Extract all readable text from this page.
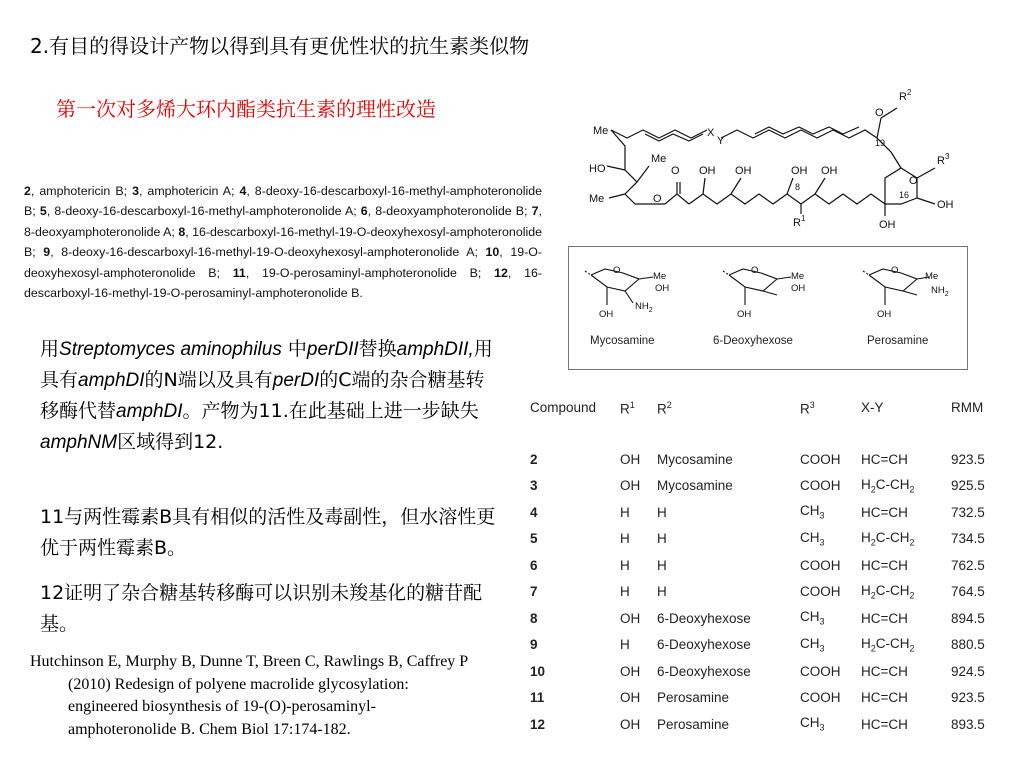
2.有目的得设计产物以得到具有更优性状的抗生素类似物
第一次对多烯大环内酯类抗生素的理性改造
2, amphotericin B; 3, amphotericin A; 4, 8-deoxy-16-descarboxyl-16-methyl-amphoteronolide B; 5, 8-deoxy-16-descarboxyl-16-methyl-amphoteronolide A; 6, 8-deoxyamphoteronolide B; 7, 8-deoxyamphoteronolide A; 8, 16-descarboxyl-16-methyl-19-O-deoxyhexosyl-amphoteronolide B; 9, 8-deoxy-16-descarboxyl-16-methyl-19-O-deoxyhexosyl-amphoteronolide A; 10, 19-O-deoxyhexosyl-amphoteronolide B; 11, 19-O-perosaminyl-amphoteronolide B; 12, 16-descarboxyl-16-methyl-19-O-perosaminyl-amphoteronolide B.
用Streptomyces aminophilus 中perDII替换amphDII,用具有amphDI的N端以及具有perDI的C端的杂合糖基转移酶代替amphDI。产物为11.在此基础上进一步缺失amphNM区域得到12.
11与两性霉素B具有相似的活性及毒副性，但水溶性更优于两性霉素B。
12证明了杂合糖基转移酶可以识别未羧基化的糖苷配基。
Hutchinson E, Murphy B, Dunne T, Breen C, Rawlings B, Caffrey P (2010) Redesign of polyene macrolide glycosylation: engineered biosynthesis of 19-(O)-perosaminyl-amphoteronolide B. Chem Biol 17:174-182.
Me	X
Y
HO
Me
Me	O
O OH OH	OH OH
8
$R^1$
OH
OH
16
19
$R^3$
O
$R^2$
O
O
Me
OH
$NH_2$
OH
O
Me
OH
OH
O
Me
$NH_2$
OH
Mycosamine	6-Deoxyhexose	Perosamine
Compound	$R^1$	$R^2$	$R^3$	X-Y	RMM
2	OH	Mycosamine	COOH	HC=CH	923.5
3	OH	Mycosamine	COOH	$H_2C-CH_2$	925.5
4	H	H	$CH_3$	HC=CH	732.5
5	H	H	$CH_3$	$H_2C-CH_2$	734.5
6	H	H	COOH	HC=CH	762.5
7	H	H	COOH	$H_2C-CH_2$	764.5
8	OH	6-Deoxyhexose	$CH_3$	HC=CH	894.5
9	H	6-Deoxyhexose	$CH_3$	$H_2C-CH_2$	880.5
10	OH	6-Deoxyhexose	COOH	HC=CH	924.5
11	OH	Perosamine	COOH	HC=CH	923.5
12	OH	Perosamine	$CH_3$	HC=CH	893.5
